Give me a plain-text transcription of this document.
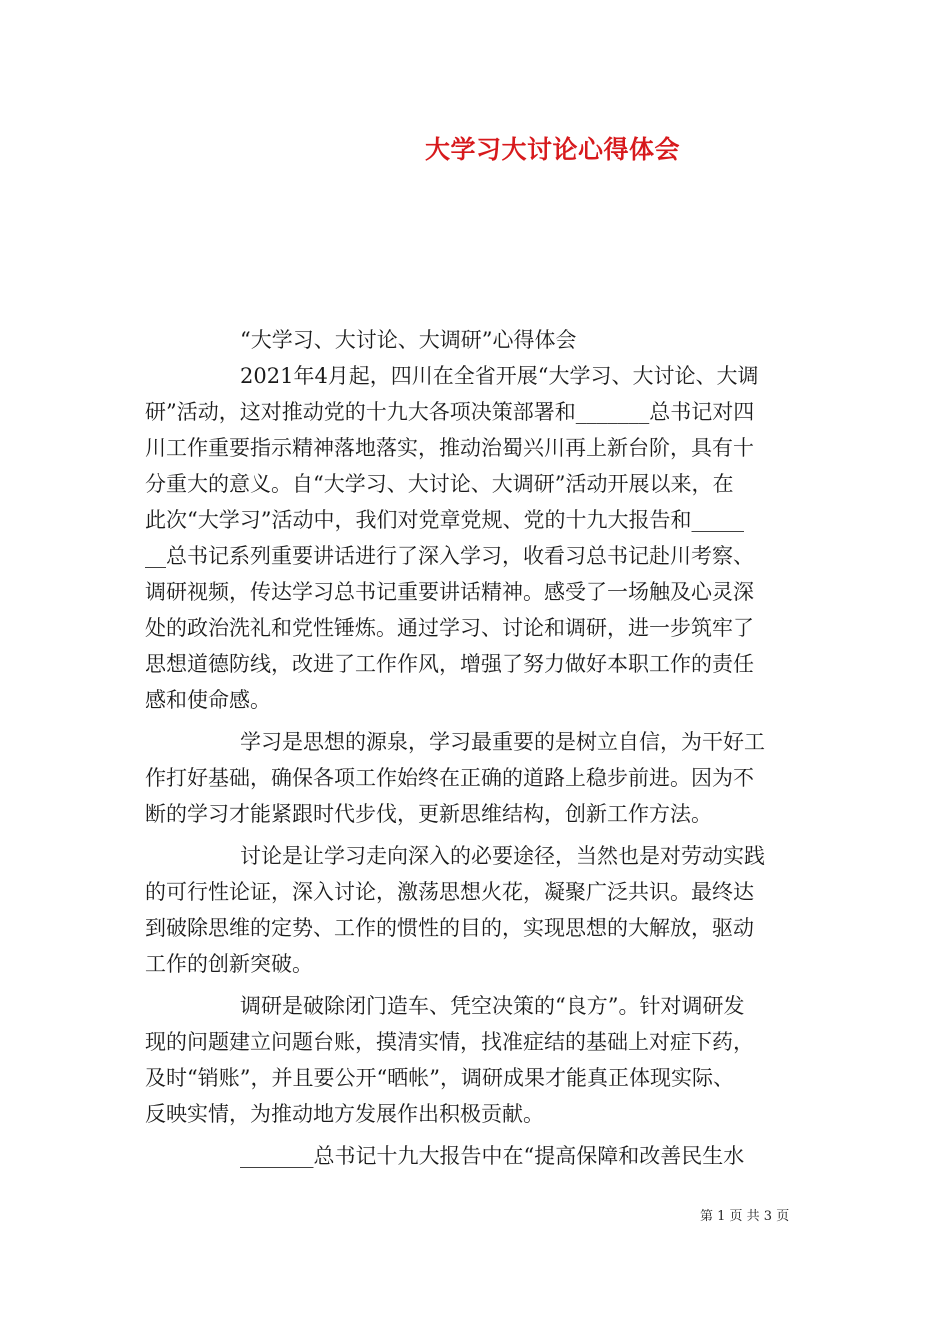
大学习大讨论心得体会
“大学习、大讨论、大调研”心得体会
2021年4月起，四川在全省开展“大学习、大讨论、大调
研”活动，这对推动党的十九大各项决策部署和_______总书记对四
川工作重要指示精神落地落实，推动治蜀兴川再上新台阶，具有十
分重大的意义。自“大学习、大讨论、大调研”活动开展以来，在
此次“大学习”活动中，我们对党章党规、党的十九大报告和_____
__总书记系列重要讲话进行了深入学习，收看习总书记赴川考察、
调研视频，传达学习总书记重要讲话精神。感受了一场触及心灵深
处的政治洗礼和党性锤炼。通过学习、讨论和调研，进一步筑牢了
思想道德防线，改进了工作作风，增强了努力做好本职工作的责任
感和使命感。
学习是思想的源泉，学习最重要的是树立自信，为干好工
作打好基础，确保各项工作始终在正确的道路上稳步前进。因为不
断的学习才能紧跟时代步伐，更新思维结构，创新工作方法。
讨论是让学习走向深入的必要途径，当然也是对劳动实践
的可行性论证，深入讨论，激荡思想火花，凝聚广泛共识。最终达
到破除思维的定势、工作的惯性的目的，实现思想的大解放，驱动
工作的创新突破。
调研是破除闭门造车、凭空决策的“良方”。针对调研发
现的问题建立问题台账，摸清实情，找准症结的基础上对症下药，
及时“销账”，并且要公开“晒帐”，调研成果才能真正体现实际、
反映实情，为推动地方发展作出积极贡献。
_______总书记十九大报告中在“提高保障和改善民生水
第 1 页 共 3 页
